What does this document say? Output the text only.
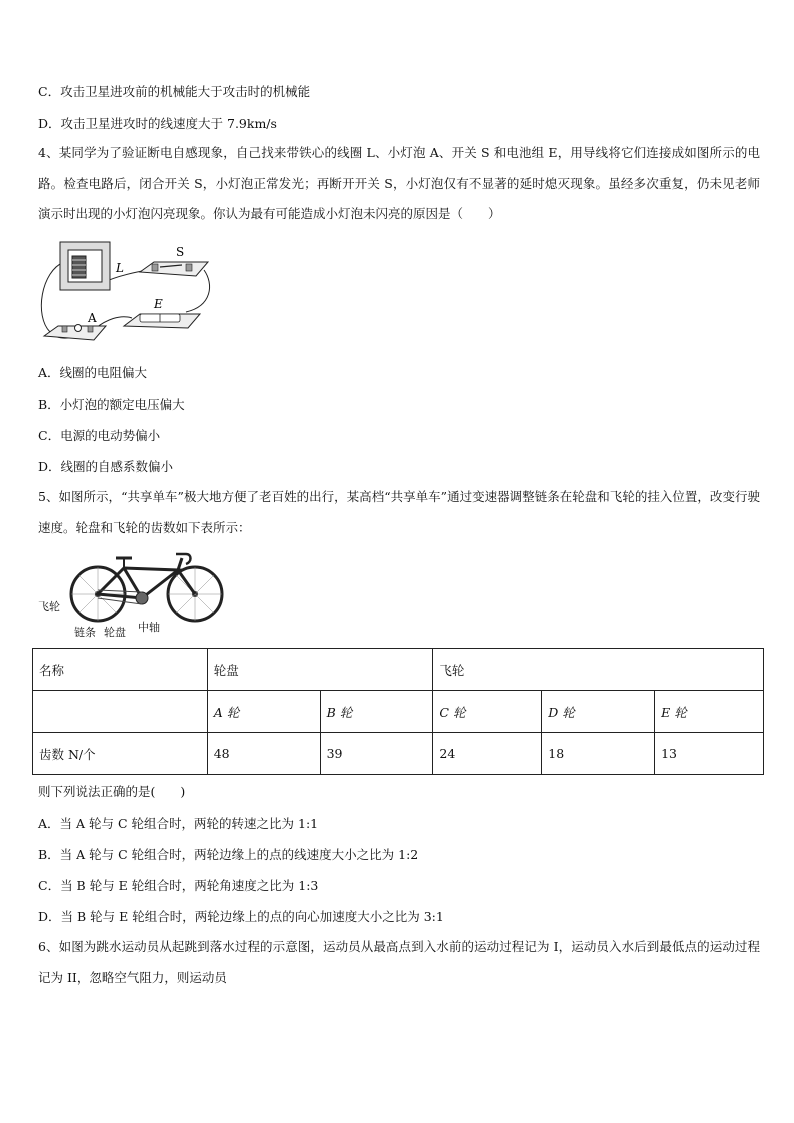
C．攻击卫星进攻前的机械能大于攻击时的机械能
D．攻击卫星进攻时的线速度大于 7.9km/s
4、某同学为了验证断电自感现象，自己找来带铁心的线圈 L、小灯泡 A、开关 S 和电池组 E，用导线将它们连接成如图所示的电路。检查电路后，闭合开关 S，小灯泡正常发光；再断开开关 S，小灯泡仅有不显著的延时熄灭现象。虽经多次重复，仍未见老师演示时出现的小灯泡闪亮现象。你认为最有可能造成小灯泡未闪亮的原因是（　　）
L
S
E
A
A．线圈的电阻偏大
B．小灯泡的额定电压偏大
C．电源的电动势偏小
D．线圈的自感系数偏小
5、如图所示，“共享单车”极大地方便了老百姓的出行，某高档“共享单车”通过变速器调整链条在轮盘和飞轮的挂入位置，改变行驶速度。轮盘和飞轮的齿数如下表所示：
飞轮
链条 轮盘 中轴
名称	轮盘		飞轮		
	A 轮	B 轮	C 轮	D 轮	E 轮
齿数 N/个	48	39	24	18	13
则下列说法正确的是(　　)
A．当 A 轮与 C 轮组合时，两轮的转速之比为 1:1
B．当 A 轮与 C 轮组合时，两轮边缘上的点的线速度大小之比为 1:2
C．当 B 轮与 E 轮组合时，两轮角速度之比为 1:3
D．当 B 轮与 E 轮组合时，两轮边缘上的点的向心加速度大小之比为 3:1
6、如图为跳水运动员从起跳到落水过程的示意图，运动员从最高点到入水前的运动过程记为 I，运动员入水后到最低点的运动过程记为 II，忽略空气阻力，则运动员
